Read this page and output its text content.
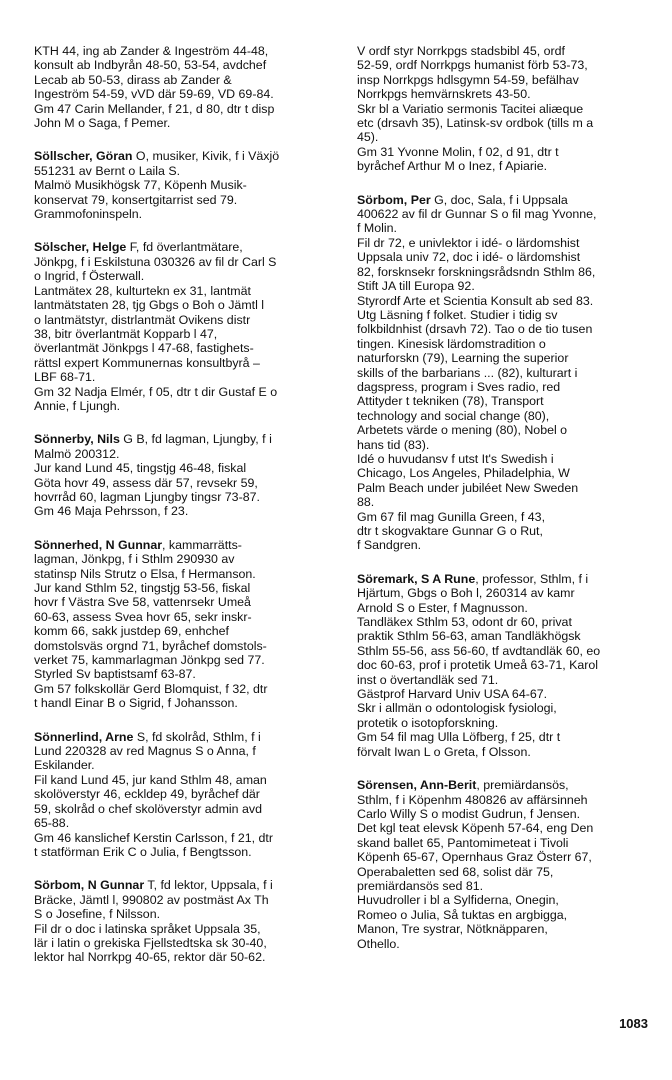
KTH 44, ing ab Zander & Ingeström 44-48,
konsult ab Indbyrån 48-50, 53-54, avdchef
Lecab ab 50-53, dirass ab Zander &
Ingeström 54-59, vVD där 59-69, VD 69-84.
Gm 47 Carin Mellander, f 21, d 80, dtr t disp
John M o Saga, f Pemer.
Söllscher, Göran O, musiker, Kivik, f i Växjö
551231 av Bernt o Laila S.
Malmö Musikhögsk 77, Köpenh Musik-
konservat 79, konsertgitarrist sed 79.
Grammofoninspeln.
Sölscher, Helge F, fd överlantmätare,
Jönkpg, f i Eskilstuna 030326 av fil dr Carl S
o Ingrid, f Österwall.
Lantmätex 28, kulturtekn ex 31, lantmät
lantmätstaten 28, tjg Gbgs o Boh o Jämtl l
o lantmätstyr, distrlantmät Ovikens distr
38, bitr överlantmät Kopparb l 47,
överlantmät Jönkpgs l 47-68, fastighets-
rättsl expert Kommunernas konsultbyrå –
LBF 68-71.
Gm 32 Nadja Elmér, f 05, dtr t dir Gustaf E o
Annie, f Ljungh.
Sönnerby, Nils G B, fd lagman, Ljungby, f i
Malmö 200312.
Jur kand Lund 45, tingstjg 46-48, fiskal
Göta hovr 49, assess där 57, revsekr 59,
hovrråd 60, lagman Ljungby tingsr 73-87.
Gm 46 Maja Pehrsson, f 23.
Sönnerhed, N Gunnar, kammarrätts-
lagman, Jönkpg, f i Sthlm 290930 av
statinsp Nils Strutz o Elsa, f Hermanson.
Jur kand Sthlm 52, tingstjg 53-56, fiskal
hovr f Västra Sve 58, vattenrsekr Umeå
60-63, assess Svea hovr 65, sekr inskr-
komm 66, sakk justdep 69, enhchef
domstolsväs orgnd 71, byråchef domstols-
verket 75, kammarlagman Jönkpg sed 77.
Styrled Sv baptistsamf 63-87.
Gm 57 folkskollär Gerd Blomquist, f 32, dtr
t handl Einar B o Sigrid, f Johansson.
Sönnerlind, Arne S, fd skolråd, Sthlm, f i
Lund 220328 av red Magnus S o Anna, f
Eskilander.
Fil kand Lund 45, jur kand Sthlm 48, aman
skolöverstyr 46, eckldep 49, byråchef där
59, skolråd o chef skolöverstyr admin avd
65-88.
Gm 46 kanslichef Kerstin Carlsson, f 21, dtr
t statförman Erik C o Julia, f Bengtsson.
Sörbom, N Gunnar T, fd lektor, Uppsala, f i
Bräcke, Jämtl l, 990802 av postmäst Ax Th
S o Josefine, f Nilsson.
Fil dr o doc i latinska språket Uppsala 35,
lär i latin o grekiska Fjellstedtska sk 30-40,
lektor hal Norrkpg 40-65, rektor där 50-62.
V ordf styr Norrkpgs stadsbibl 45, ordf
52-59, ordf Norrkpgs humanist förb 53-73,
insp Norrkpgs hdlsgymn 54-59, befälhav
Norrkpgs hemvärnskrets 43-50.
Skr bl a Variatio sermonis Tacitei aliæque
etc (drsavh 35), Latinsk-sv ordbok (tills m a
45).
Gm 31 Yvonne Molin, f 02, d 91, dtr t
byråchef Arthur M o Inez, f Apiarie.
Sörbom, Per G, doc, Sala, f i Uppsala
400622 av fil dr Gunnar S o fil mag Yvonne,
f Molin.
Fil dr 72, e univlektor i idé- o lärdomshist
Uppsala univ 72, doc i idé- o lärdomshist
82, forsknsekr forskningsrådsndn Sthlm 86,
Stift JA till Europa 92.
Styrordf Arte et Scientia Konsult ab sed 83.
Utg Läsning f folket. Studier i tidig sv
folkbildnhist (drsavh 72). Tao o de tio tusen
tingen. Kinesisk lärdomstradition o
naturforskn (79), Learning the superior
skills of the barbarians ... (82), kulturart i
dagspress, program i Sves radio, red
Attityder t tekniken (78), Transport
technology and social change (80),
Arbetets värde o mening (80), Nobel o
hans tid (83).
Idé o huvudansv f utst It's Swedish i
Chicago, Los Angeles, Philadelphia, W
Palm Beach under jubiléet New Sweden
88.
Gm 67 fil mag Gunilla Green, f 43,
dtr t skogvaktare Gunnar G o Rut,
f Sandgren.
Söremark, S A Rune, professor, Sthlm, f i
Hjärtum, Gbgs o Boh l, 260314 av kamr
Arnold S o Ester, f Magnusson.
Tandläkex Sthlm 53, odont dr 60, privat
praktik Sthlm 56-63, aman Tandläkhögsk
Sthlm 55-56, ass 56-60, tf avdtandläk 60, eo
doc 60-63, prof i protetik Umeå 63-71, Karol
inst o övertandläk sed 71.
Gästprof Harvard Univ USA 64-67.
Skr i allmän o odontologisk fysiologi,
protetik o isotopforskning.
Gm 54 fil mag Ulla Löfberg, f 25, dtr t
förvalt Iwan L o Greta, f Olsson.
Sörensen, Ann-Berit, premiärdansös,
Sthlm, f i Köpenhm 480826 av affärsinneh
Carlo Willy S o modist Gudrun, f Jensen.
Det kgl teat elevsk Köpenh 57-64, eng Den
skand ballet 65, Pantomimeteat i Tivoli
Köpenh 65-67, Opernhaus Graz Österr 67,
Operabaletten sed 68, solist där 75,
premiärdansös sed 81.
Huvudroller i bl a Sylfiderna, Onegin,
Romeo o Julia, Så tuktas en argbigga,
Manon, Tre systrar, Nötknäpparen,
Othello.
1083
